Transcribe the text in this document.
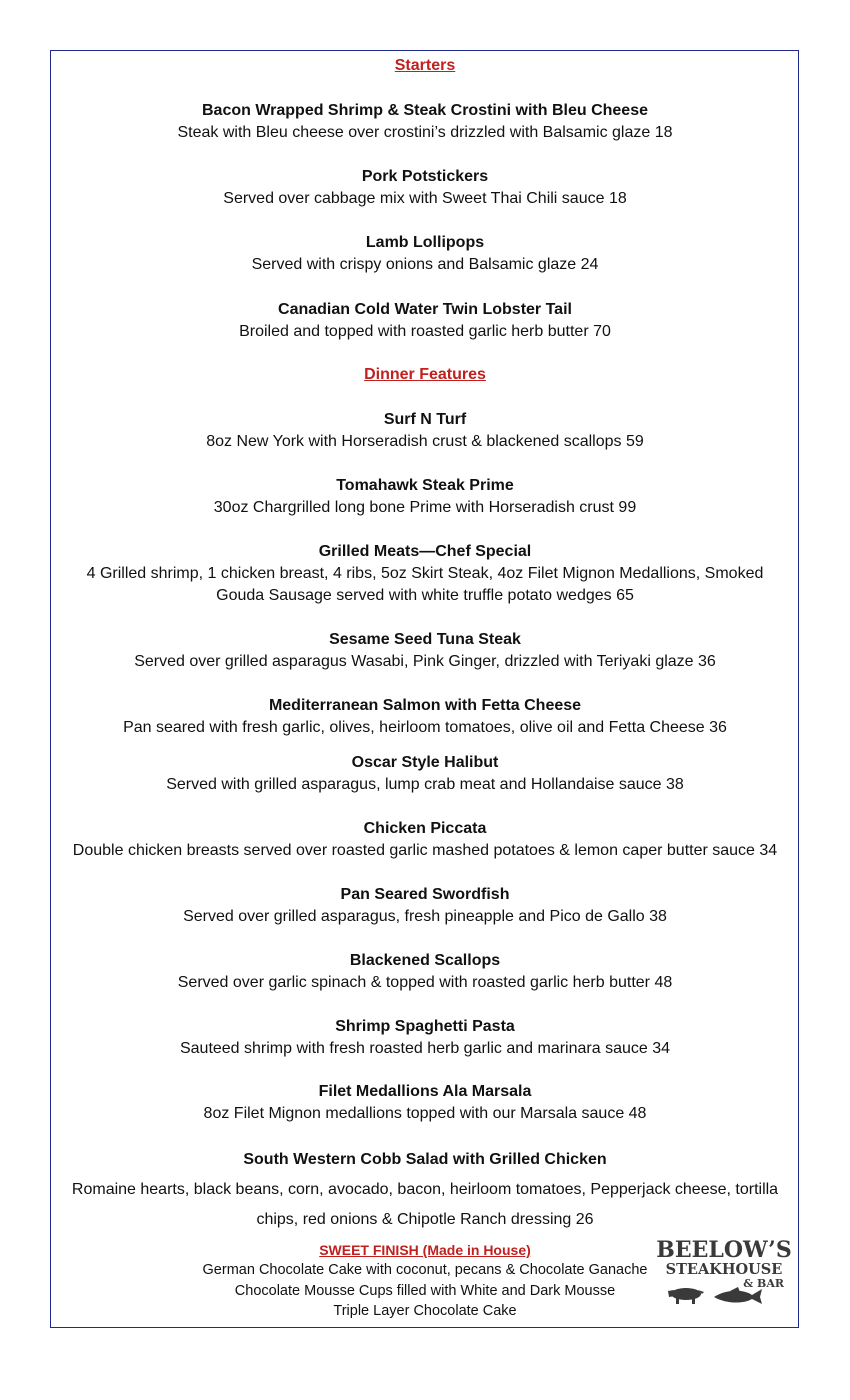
Starters
Bacon Wrapped Shrimp & Steak Crostini with Bleu Cheese
Steak with Bleu cheese over crostini’s drizzled with Balsamic glaze 18
Pork Potstickers
Served over cabbage mix with Sweet Thai Chili sauce 18
Lamb Lollipops
Served with crispy onions and Balsamic glaze 24
Canadian Cold Water Twin Lobster Tail
Broiled and topped with roasted garlic herb butter 70
Dinner Features
Surf N Turf
8oz New York with Horseradish crust & blackened scallops 59
Tomahawk Steak Prime
30oz Chargrilled long bone Prime with Horseradish crust 99
Grilled Meats—Chef Special
4 Grilled shrimp, 1 chicken breast, 4 ribs, 5oz Skirt Steak, 4oz Filet Mignon Medallions, Smoked
Gouda Sausage served with white truffle potato wedges 65
Sesame Seed Tuna Steak
Served over grilled asparagus Wasabi, Pink Ginger, drizzled with Teriyaki glaze 36
Mediterranean Salmon with Fetta Cheese
Pan seared with fresh garlic, olives, heirloom tomatoes, olive oil and Fetta Cheese 36
Oscar Style Halibut
Served with grilled asparagus, lump crab meat and Hollandaise sauce 38
Chicken Piccata
Double chicken breasts served over roasted garlic mashed potatoes & lemon caper butter sauce 34
Pan Seared Swordfish
Served over grilled asparagus, fresh pineapple and Pico de Gallo 38
Blackened Scallops
Served over garlic spinach & topped with roasted garlic herb butter 48
Shrimp Spaghetti Pasta
Sauteed shrimp with fresh roasted herb garlic and marinara sauce 34
Filet Medallions Ala Marsala
8oz Filet Mignon medallions topped with our Marsala sauce 48
South Western Cobb Salad with Grilled Chicken
Romaine hearts, black beans, corn, avocado, bacon, heirloom tomatoes, Pepperjack cheese, tortilla
chips, red onions & Chipotle Ranch dressing 26
SWEET FINISH (Made in House)
German Chocolate Cake with coconut, pecans & Chocolate Ganache
Chocolate Mousse Cups filled with White and Dark Mousse
Triple Layer Chocolate Cake
BEELOW’S
STEAKHOUSE
& BAR
